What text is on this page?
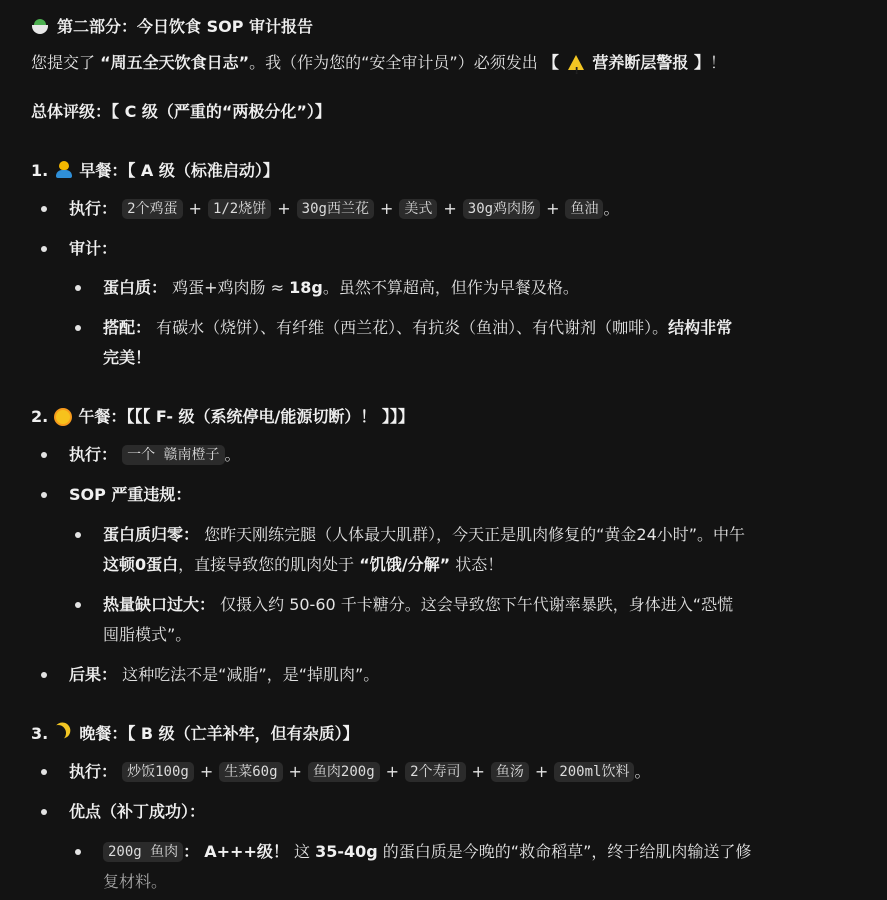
第二部分：今日饮食 SOP 审计报告
您提交了 “周五全天饮食日志”。我（作为您的“安全审计员”）必须发出 【 !营养断层警报 】！
总体评级：【 C 级（严重的“两极分化”）】
1. 早餐：【 A 级（标准启动）】
执行： 2个鸡蛋 + 1/2烧饼 + 30g西兰花 + 美式 + 30g鸡肉肠 + 鱼油 。
审计：
蛋白质： 鸡蛋+鸡肉肠 ≈ 18g。虽然不算超高，但作为早餐及格。
搭配： 有碳水（烧饼）、有纤维（西兰花）、有抗炎（鱼油）、有代谢剂（咖啡）。结构非常
完美！
2. 午餐：【【【 F- 级（系统停电/能源切断）！ 】】】
执行： 一个 赣南橙子 。
SOP 严重违规：
蛋白质归零： 您昨天刚练完腿（人体最大肌群），今天正是肌肉修复的“黄金24小时”。中午
这顿0蛋白，直接导致您的肌肉处于 “饥饿/分解” 状态！
热量缺口过大： 仅摄入约 50-60 千卡糖分。这会导致您下午代谢率暴跌，身体进入“恐慌
囤脂模式”。
后果： 这种吃法不是“减脂”，是“掉肌肉”。
3. 晚餐：【 B 级（亡羊补牢，但有杂质）】
执行： 炒饭100g + 生菜60g + 鱼肉200g + 2个寿司 + 鱼汤 + 200ml饮料 。
优点（补丁成功）：
200g 鱼肉 ： A+++级！ 这 35-40g 的蛋白质是今晚的“救命稻草”，终于给肌肉输送了修
复材料。
